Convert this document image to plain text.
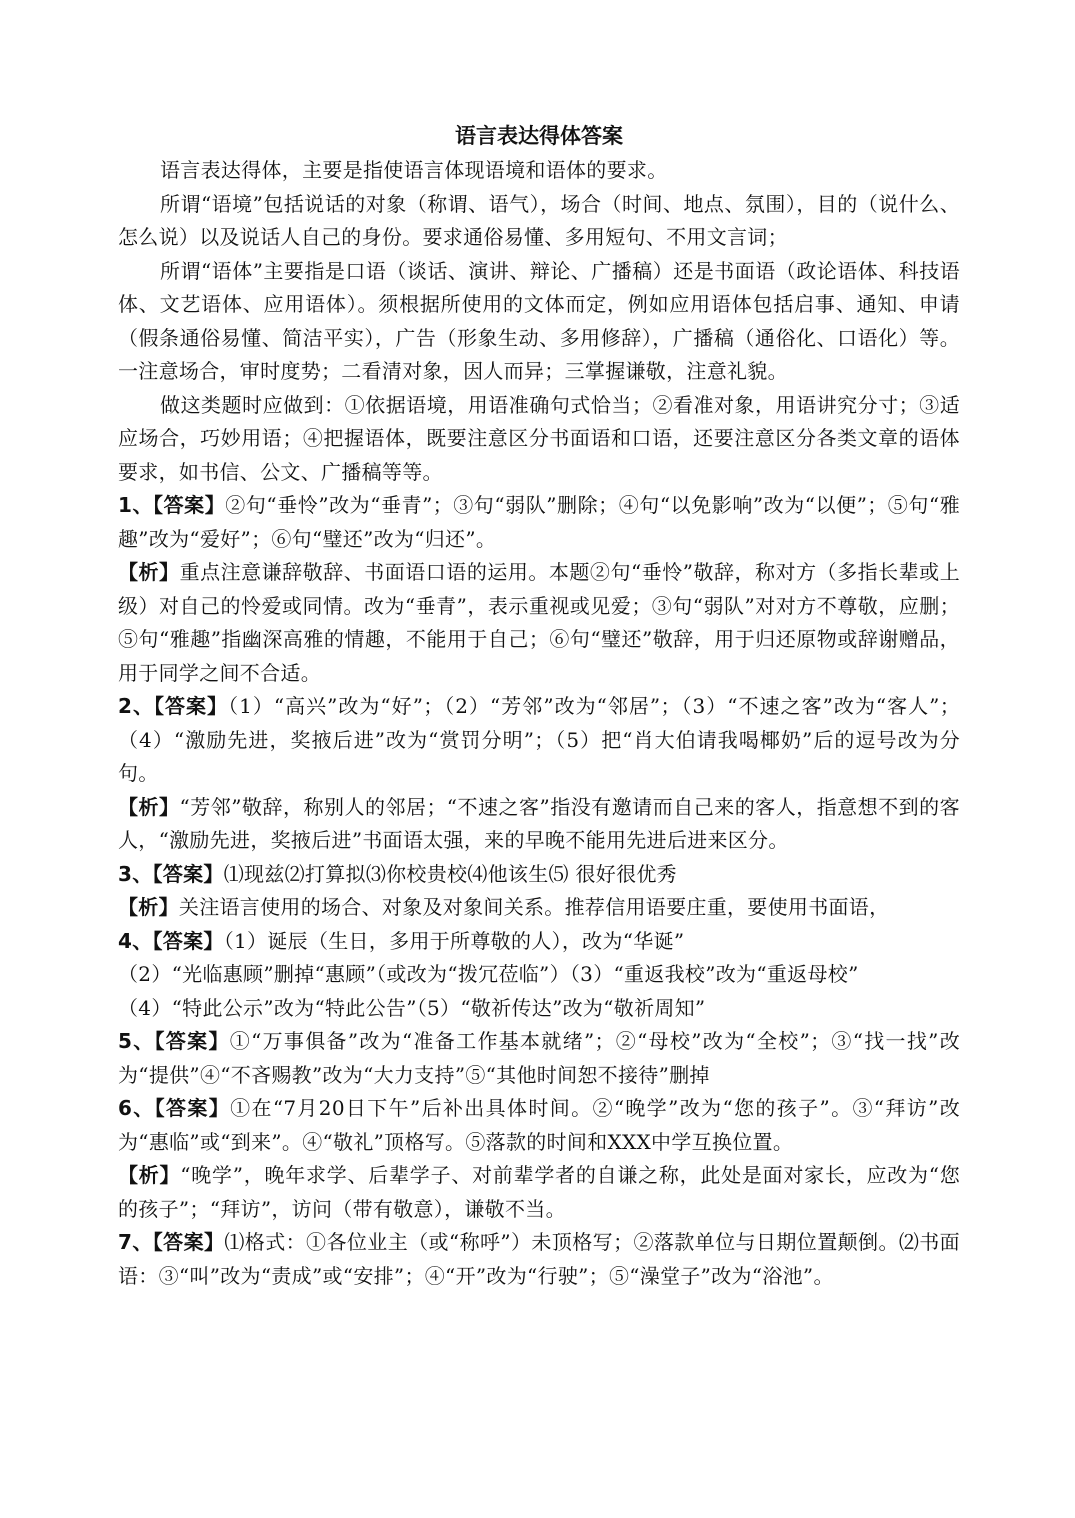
语言表达得体答案

语言表达得体，主要是指使语言体现语境和语体的要求。

所谓“语境”包括说话的对象（称谓、语气），场合（时间、地点、氛围），目的（说什么、怎么说）以及说话人自己的身份。要求通俗易懂、多用短句、不用文言词；

所谓“语体”主要指是口语（谈话、演讲、辩论、广播稿）还是书面语（政论语体、科技语体、文艺语体、应用语体）。须根据所使用的文体而定，例如应用语体包括启事、通知、申请（假条通俗易懂、简洁平实），广告（形象生动、多用修辞），广播稿（通俗化、口语化）等。一注意场合，审时度势；二看清对象，因人而异；三掌握谦敬，注意礼貌。

做这类题时应做到：①依据语境，用语准确句式恰当；②看准对象，用语讲究分寸；③适应场合，巧妙用语；④把握语体，既要注意区分书面语和口语，还要注意区分各类文章的语体要求，如书信、公文、广播稿等等。

1、【答案】②句“垂怜”改为“垂青”；③句“弱队”删除；④句“以免影响”改为“以便”；⑤句“雅趣”改为“爱好”；⑥句“璧还”改为“归还”。

【析】重点注意谦辞敬辞、书面语口语的运用。本题②句“垂怜”敬辞，称对方（多指长辈或上级）对自己的怜爱或同情。改为“垂青”，表示重视或见爱；③句“弱队”对对方不尊敬，应删；⑤句“雅趣”指幽深高雅的情趣，不能用于自己；⑥句“璧还”敬辞，用于归还原物或辞谢赠品，用于同学之间不合适。

2、【答案】（1）“高兴”改为“好”；（2）“芳邻”改为“邻居”；（3）“不速之客”改为“客人”；（4）“激励先进，奖掖后进”改为“赏罚分明”；（5）把“肖大伯请我喝椰奶”后的逗号改为分句。

【析】“芳邻”敬辞，称别人的邻居；“不速之客”指没有邀请而自己来的客人，指意想不到的客人，“激励先进，奖掖后进”书面语太强，来的早晚不能用先进后进来区分。

3、【答案】⑴现兹⑵打算拟⑶你校贵校⑷他该生⑸ 很好很优秀

【析】关注语言使用的场合、对象及对象间关系。推荐信用语要庄重，要使用书面语，

4、【答案】（1）诞辰（生日，多用于所尊敬的人），改为“华诞”
（2）“光临惠顾”删掉“惠顾”（或改为“拨冗莅临”）（3）“重返我校”改为“重返母校”
（4）“特此公示”改为“特此公告”（5）“敬祈传达”改为“敬祈周知”

5、【答案】①“万事俱备”改为“准备工作基本就绪”；②“母校”改为“全校”；③“找一找”改为“提供”④“不吝赐教”改为“大力支持”⑤“其他时间恕不接待”删掉

6、【答案】①在“7月20日下午”后补出具体时间。②“晚学”改为“您的孩子”。③“拜访”改为“惠临”或“到来”。④“敬礼”顶格写。⑤落款的时间和XXX中学互换位置。

【析】“晚学”，晚年求学、后辈学子、对前辈学者的自谦之称，此处是面对家长，应改为“您的孩子”；“拜访”，访问（带有敬意），谦敬不当。

7、【答案】⑴格式：①各位业主（或“称呼”）未顶格写；②落款单位与日期位置颠倒。⑵书面语：③“叫”改为“责成”或“安排”；④“开”改为“行驶”；⑤“澡堂子”改为“浴池”。
